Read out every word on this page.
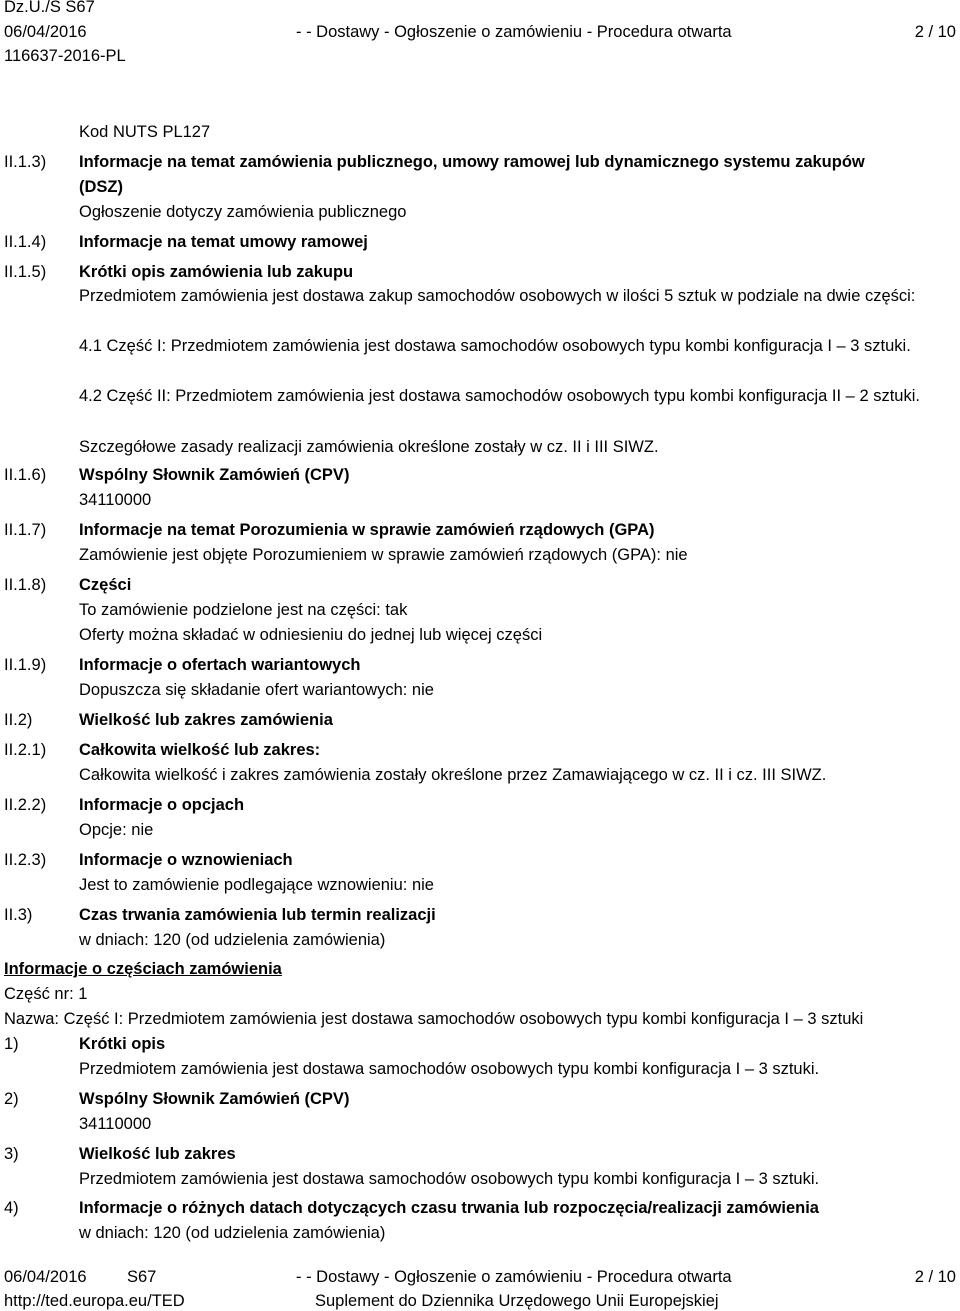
Dz.U./S S67
06/04/2016	- - Dostawy - Ogłoszenie o zamówieniu - Procedura otwarta	2 / 10
116637-2016-PL
Kod NUTS PL127
II.1.3) Informacje na temat zamówienia publicznego, umowy ramowej lub dynamicznego systemu zakupów
(DSZ)
Ogłoszenie dotyczy zamówienia publicznego
II.1.4) Informacje na temat umowy ramowej
II.1.5) Krótki opis zamówienia lub zakupu
Przedmiotem zamówienia jest dostawa zakup samochodów osobowych w ilości 5 sztuk w podziale na dwie części:
4.1 Część I: Przedmiotem zamówienia jest dostawa samochodów osobowych typu kombi konfiguracja I – 3 sztuki.
4.2 Część II: Przedmiotem zamówienia jest dostawa samochodów osobowych typu kombi konfiguracja II – 2 sztuki.
Szczegółowe zasady realizacji zamówienia określone zostały w cz. II i III SIWZ.
II.1.6) Wspólny Słownik Zamówień (CPV)
34110000
II.1.7) Informacje na temat Porozumienia w sprawie zamówień rządowych (GPA)
Zamówienie jest objęte Porozumieniem w sprawie zamówień rządowych (GPA): nie
II.1.8) Części
To zamówienie podzielone jest na części: tak
Oferty można składać w odniesieniu do jednej lub więcej części
II.1.9) Informacje o ofertach wariantowych
Dopuszcza się składanie ofert wariantowych: nie
II.2)	Wielkość lub zakres zamówienia
II.2.1) Całkowita wielkość lub zakres:
Całkowita wielkość i zakres zamówienia zostały określone przez Zamawiającego w cz. II i cz. III SIWZ.
II.2.2) Informacje o opcjach
Opcje: nie
II.2.3) Informacje o wznowieniach
Jest to zamówienie podlegające wznowieniu: nie
II.3)	Czas trwania zamówienia lub termin realizacji
w dniach: 120 (od udzielenia zamówienia)
Informacje o częściach zamówienia
Część nr: 1
Nazwa: Część I: Przedmiotem zamówienia jest dostawa samochodów osobowych typu kombi konfiguracja I – 3 sztuki
1)	Krótki opis
Przedmiotem zamówienia jest dostawa samochodów osobowych typu kombi konfiguracja I – 3 sztuki.
2)	Wspólny Słownik Zamówień (CPV)
34110000
3)	Wielkość lub zakres
Przedmiotem zamówienia jest dostawa samochodów osobowych typu kombi konfiguracja I – 3 sztuki.
4)	Informacje o różnych datach dotyczących czasu trwania lub rozpoczęcia/realizacji zamówienia
w dniach: 120 (od udzielenia zamówienia)
06/04/2016 S67	- - Dostawy - Ogłoszenie o zamówieniu - Procedura otwarta	2 / 10
http://ted.europa.eu/TED	Suplement do Dziennika Urzędowego Unii Europejskiej
